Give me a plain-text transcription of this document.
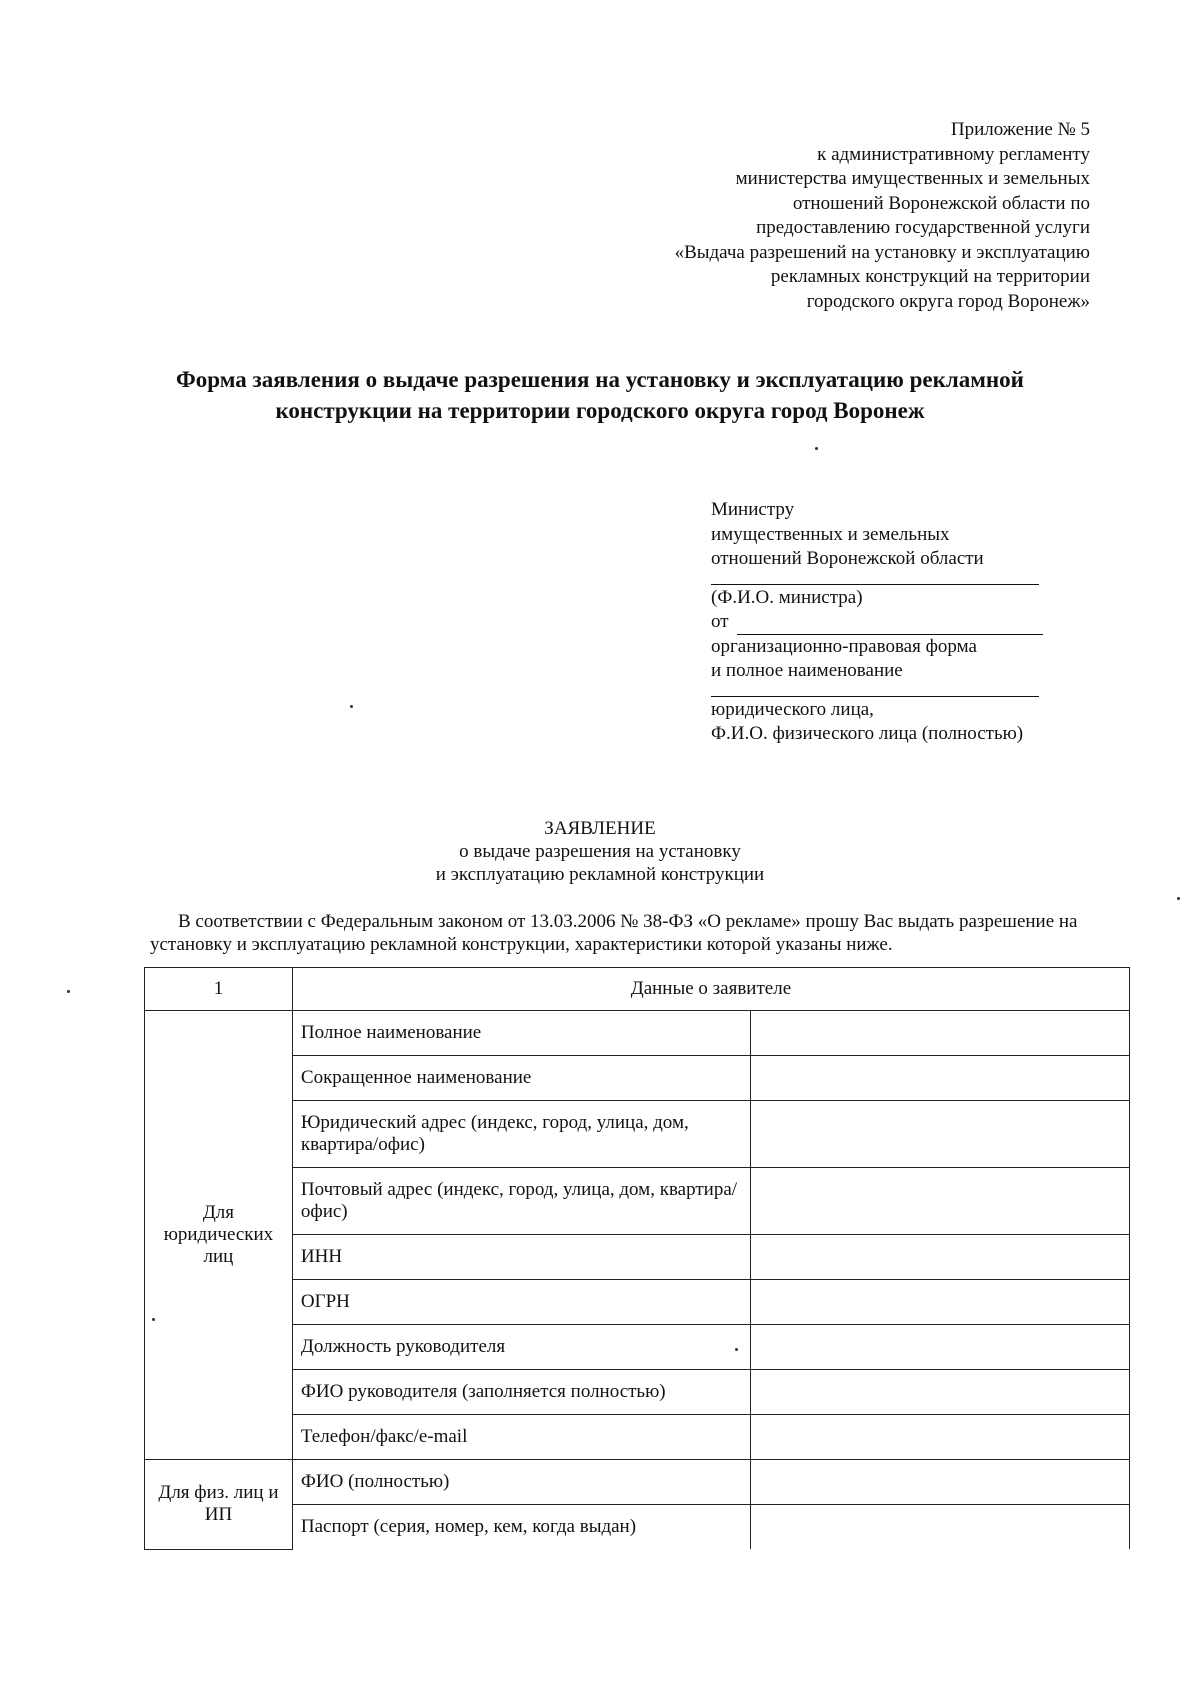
Приложение № 5
к административному регламенту
министерства имущественных и земельных
отношений Воронежской области по
предоставлению государственной услуги
«Выдача разрешений на установку и эксплуатацию
рекламных конструкций на территории
городского округа город Воронеж»
Форма заявления о выдаче разрешения на установку и эксплуатацию рекламной
конструкции на территории городского округа город Воронеж
Министру
имущественных и земельных
отношений Воронежской области
(Ф.И.О. министра)
от
организационно-правовая форма
и полное наименование
юридического лица,
Ф.И.О. физического лица (полностью)
ЗАЯВЛЕНИЕ
о выдаче разрешения на установку
и эксплуатацию рекламной конструкции

В соответствии с Федеральным законом от 13.03.2006 № 38-ФЗ «О рекламе» прошу Вас выдать разрешение на установку и эксплуатацию рекламной конструкции, характеристики которой указаны ниже.

1	Данные о заявителе	
Для юридических лиц	Полное наименование	
	Сокращенное наименование	
	Юридический адрес (индекс, город, улица, дом, квартира/офис)	
	Почтовый адрес (индекс, город, улица, дом, квартира/офис)	
	ИНН	
	ОГРН	
	Должность руководителя	
	ФИО руководителя (заполняется полностью)	
	Телефон/факс/e-mail	
Для физ. лиц и ИП	ФИО (полностью)	
	Паспорт (серия, номер, кем, когда выдан)	
